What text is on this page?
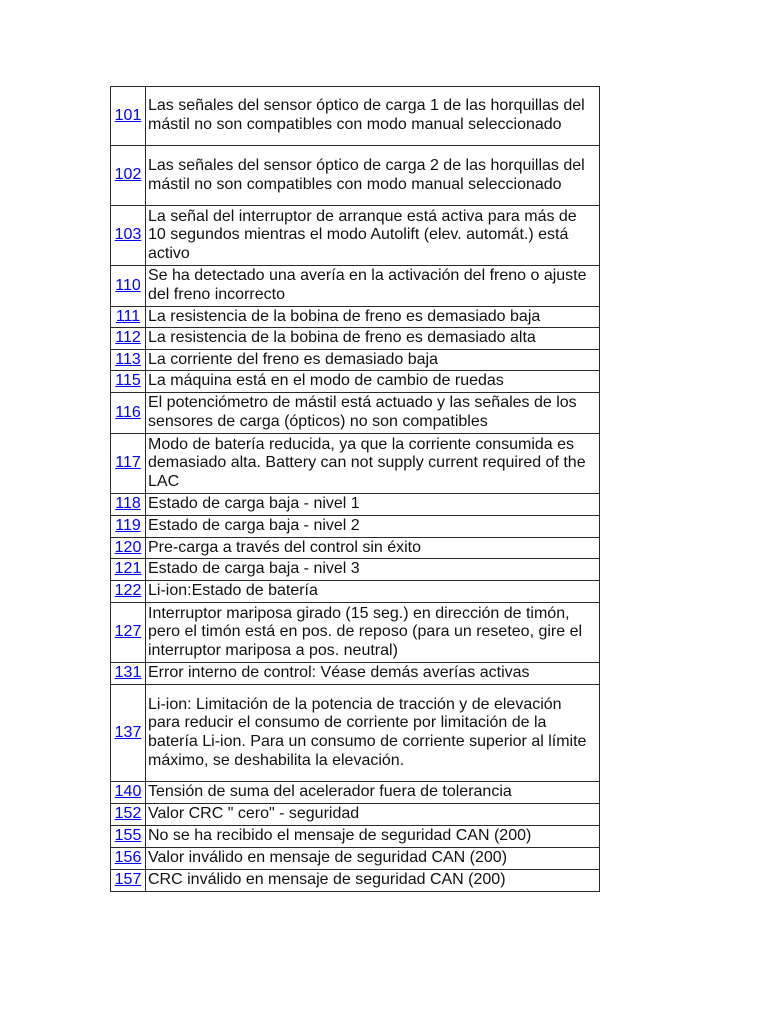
101	Las señales del sensor óptico de carga 1 de las horquillas del mástil no son compatibles con modo manual seleccionado
102	Las señales del sensor óptico de carga 2 de las horquillas del mástil no son compatibles con modo manual seleccionado
103	La señal del interruptor de arranque está activa para más de 10 segundos mientras el modo Autolift (elev. automát.) está activo
110	Se ha detectado una avería en la activación del freno o ajuste del freno incorrecto
111	La resistencia de la bobina de freno es demasiado baja
112	La resistencia de la bobina de freno es demasiado alta
113	La corriente del freno es demasiado baja
115	La máquina está en el modo de cambio de ruedas
116	El potenciómetro de mástil está actuado y las señales de los sensores de carga (ópticos) no son compatibles
117	Modo de batería reducida, ya que la corriente consumida es demasiado alta. Battery can not supply current required of the LAC
118	Estado de carga baja - nivel 1
119	Estado de carga baja - nivel 2
120	Pre-carga a través del control sin éxito
121	Estado de carga baja - nivel 3
122	Li-ion:Estado de batería
127	Interruptor mariposa girado (15 seg.) en dirección de timón, pero el timón está en pos. de reposo (para un reseteo, gire el interruptor mariposa a pos. neutral)
131	Error interno de control: Véase demás averías activas
137	Li-ion: Limitación de la potencia de tracción y de elevación para reducir el consumo de corriente por limitación de la batería Li-ion. Para un consumo de corriente superior al límite máximo, se deshabilita la elevación.
140	Tensión de suma del acelerador fuera de tolerancia
152	Valor CRC " cero" - seguridad
155	No se ha recibido el mensaje de seguridad CAN (200)
156	Valor inválido en mensaje de seguridad CAN (200)
157	CRC inválido en mensaje de seguridad CAN (200)
